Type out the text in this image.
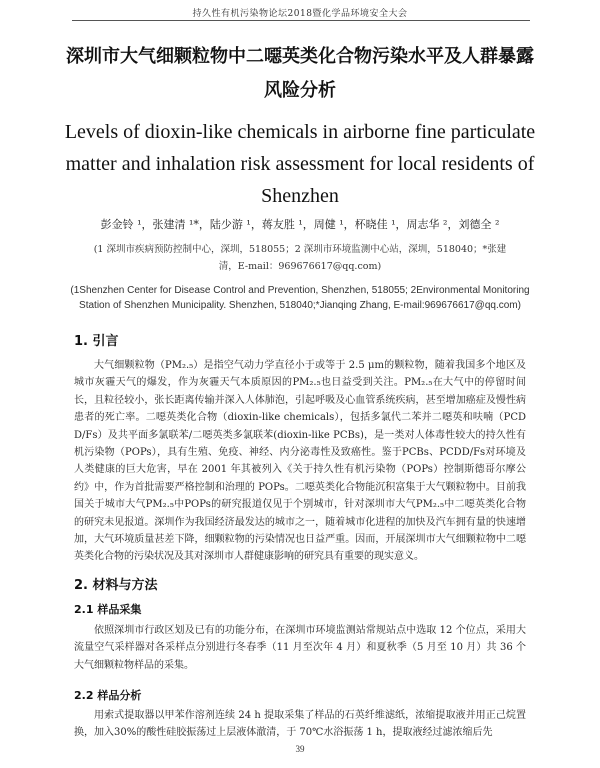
持久性有机污染物论坛2018暨化学品环境安全大会
深圳市大气细颗粒物中二噁英类化合物污染水平及人群暴露风险分析
Levels of dioxin-like chemicals in airborne fine particulate matter and inhalation risk assessment for local residents of Shenzhen
彭金铃 ¹，张建清 ¹*，陆少游 ¹，蒋友胜 ¹，周健 ¹，杯晓佳 ¹，周志华 ²，刘德全 ²
(1 深圳市疾病预防控制中心，深圳，518055；2 深圳市环境监测中心站，深圳，518040；*张建清，E-mail：969676617@qq.com)
(1Shenzhen Center for Disease Control and Prevention, Shenzhen, 518055; 2Environmental Monitoring Station of Shenzhen Municipality. Shenzhen, 518040;*Jianqing Zhang, E-mail:969676617@qq.com)
1. 引言

大气细颗粒物（PM₂.₅）是指空气动力学直径小于或等于 2.5 μm的颗粒物，随着我国多个地区及城市灰霾天气的爆发，作为灰霾天气本质原因的PM₂.₅也日益受到关注。PM₂.₅在大气中的停留时间长，且粒径较小，张长距离传输并深入人体肺泡，引起呼吸及心血管系统疾病，甚至增加癌症及慢性病患者的死亡率。二噁英类化合物（dioxin-like chemicals），包括多氯代二苯并二噁英和呋喃（PCDD/Fs）及共平面多氯联苯/二噁英类多氯联苯(dioxin-like PCBs)，是一类对人体毒性较大的持久性有机污染物（POPs），具有生殖、免疫、神经、内分泌毒性及致癌性。鉴于PCBs、PCDD/Fs对环境及人类健康的巨大危害，早在 2001 年其被列入《关于持久性有机污染物（POPs）控制斯德哥尔摩公约》中，作为首批需要严格控制和治理的 POPs。二噁英类化合物能沉积富集于大气颗粒物中。目前我国关于城市大气PM₂.₅中POPs的研究报道仅见于个别城市，针对深圳市大气PM₂.₅中二噁英类化合物的研究未见报道。深圳作为我国经济最发达的城市之一，随着城市化进程的加快及汽车拥有量的快速增加，大气环境质量甚差下降，细颗粒物的污染情况也日益严重。因而，开展深圳市大气细颗粒物中二噁英类化合物的污染状况及其对深圳市人群健康影响的研究具有重要的现实意义。

2. 材料与方法
2.1 样品采集

依照深圳市行政区划及已有的功能分布，在深圳市环境监测站常规站点中选取 12 个位点，采用大流量空气采样器对各采样点分别进行冬春季（11 月至次年 4 月）和夏秋季（5 月至 10 月）共 36 个大气细颗粒物样品的采集。

2.2 样品分析

用索式提取器以甲苯作溶剂连续 24 h 提取采集了样品的石英纤维滤纸，浓缩提取液并用正己烷置换，加入30%的酸性硅胶振荡过上层液体澈清，于 70℃水浴振荡 1 h，提取液经过滤浓缩后先

39
